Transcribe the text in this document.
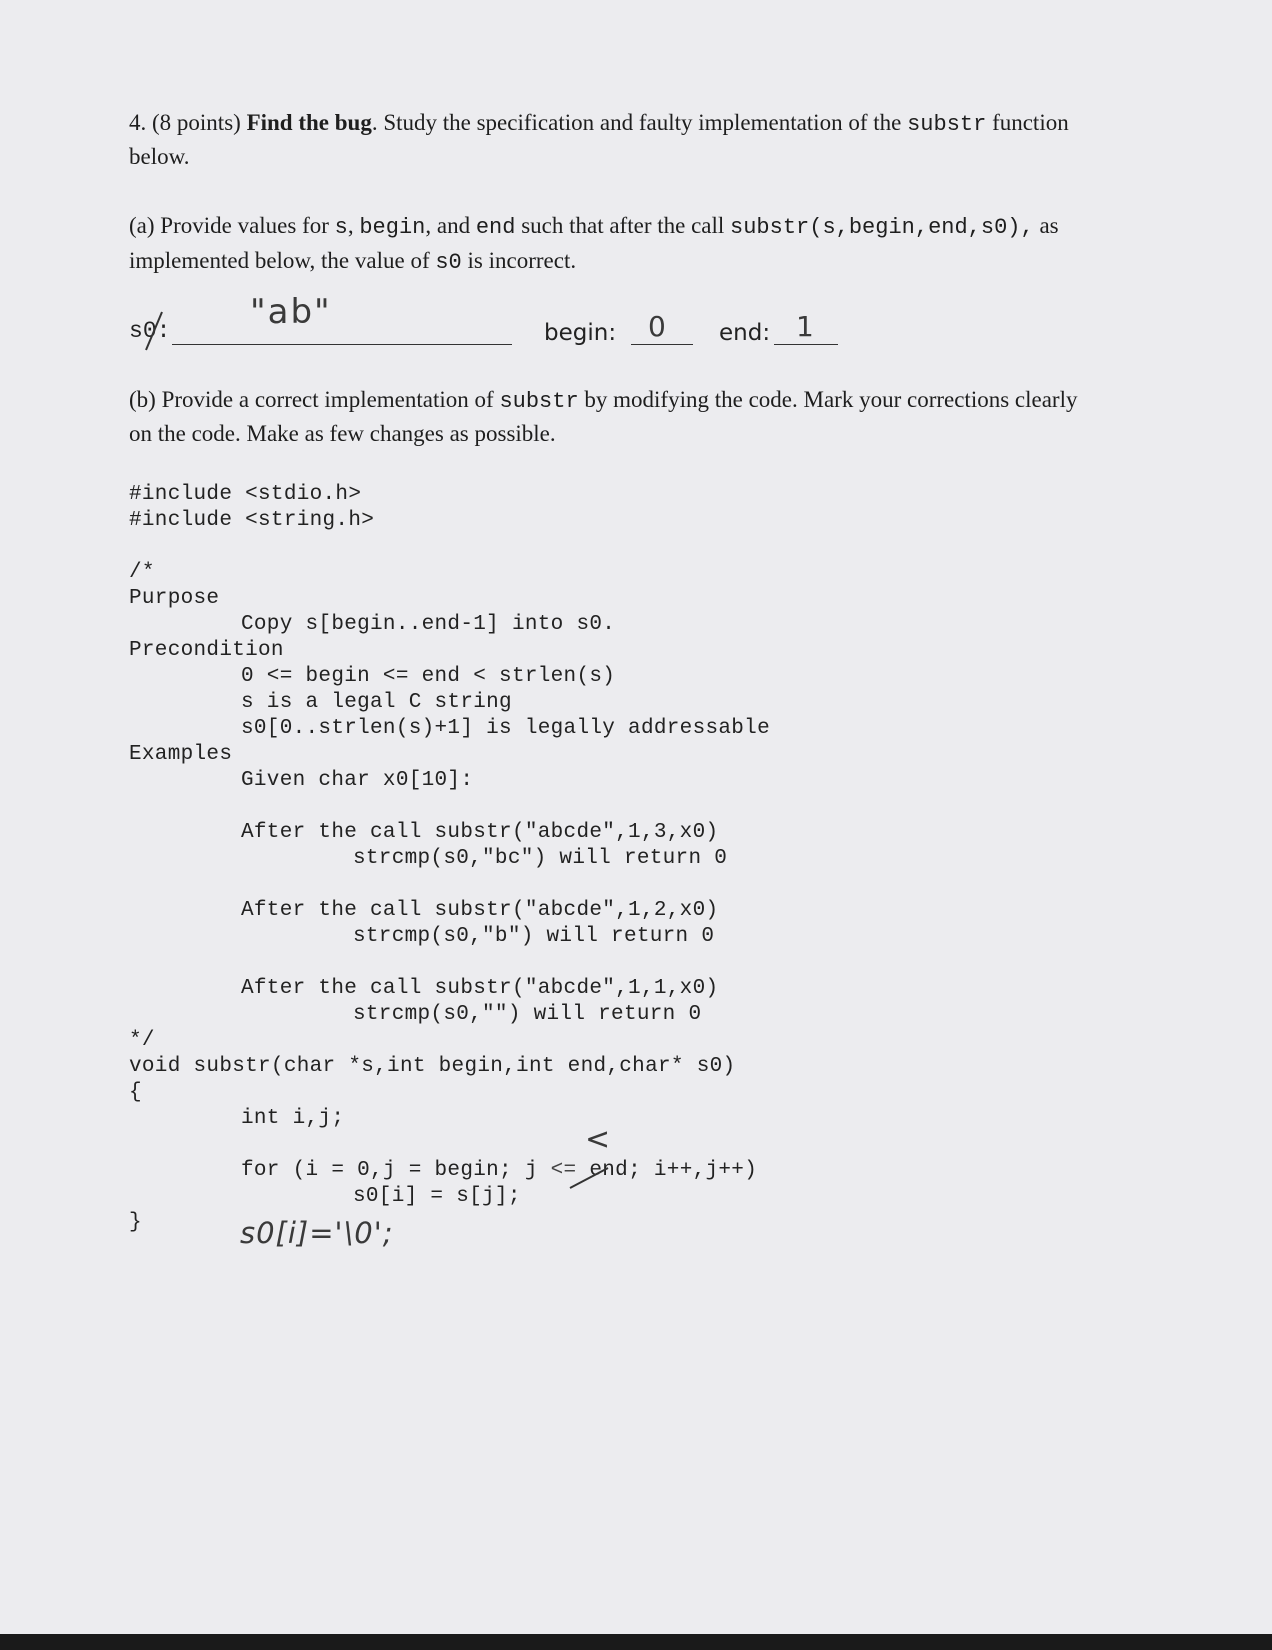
4. (8 points) Find the bug. Study the specification and faulty implementation of the substr function
below.
(a) Provide values for s, begin, and end such that after the call substr(s,begin,end,s0), as
implemented below, the value of s0 is incorrect.
s0: "ab"
begin: 0 end: 1
(b) Provide a correct implementation of substr by modifying the code. Mark your corrections clearly
on the code. Make as few changes as possible.
#include <stdio.h>
#include <string.h>
/*
Purpose
Copy s[begin..end-1] into s0.
Precondition
0 <= begin <= end < strlen(s)
s is a legal C string
s0[0..strlen(s)+1] is legally addressable
Examples
Given char x0[10]:
After the call substr("abcde",1,3,x0)
strcmp(s0,"bc") will return 0
After the call substr("abcde",1,2,x0)
strcmp(s0,"b") will return 0
After the call substr("abcde",1,1,x0)
strcmp(s0,"") will return 0
*/
void substr(char *s,int begin,int end,char* s0)
{
int i,j;
for (i = 0,j = begin; j <= end; i++,j++)
<
s0[i] = s[j];
}	s0[i]='\0';
